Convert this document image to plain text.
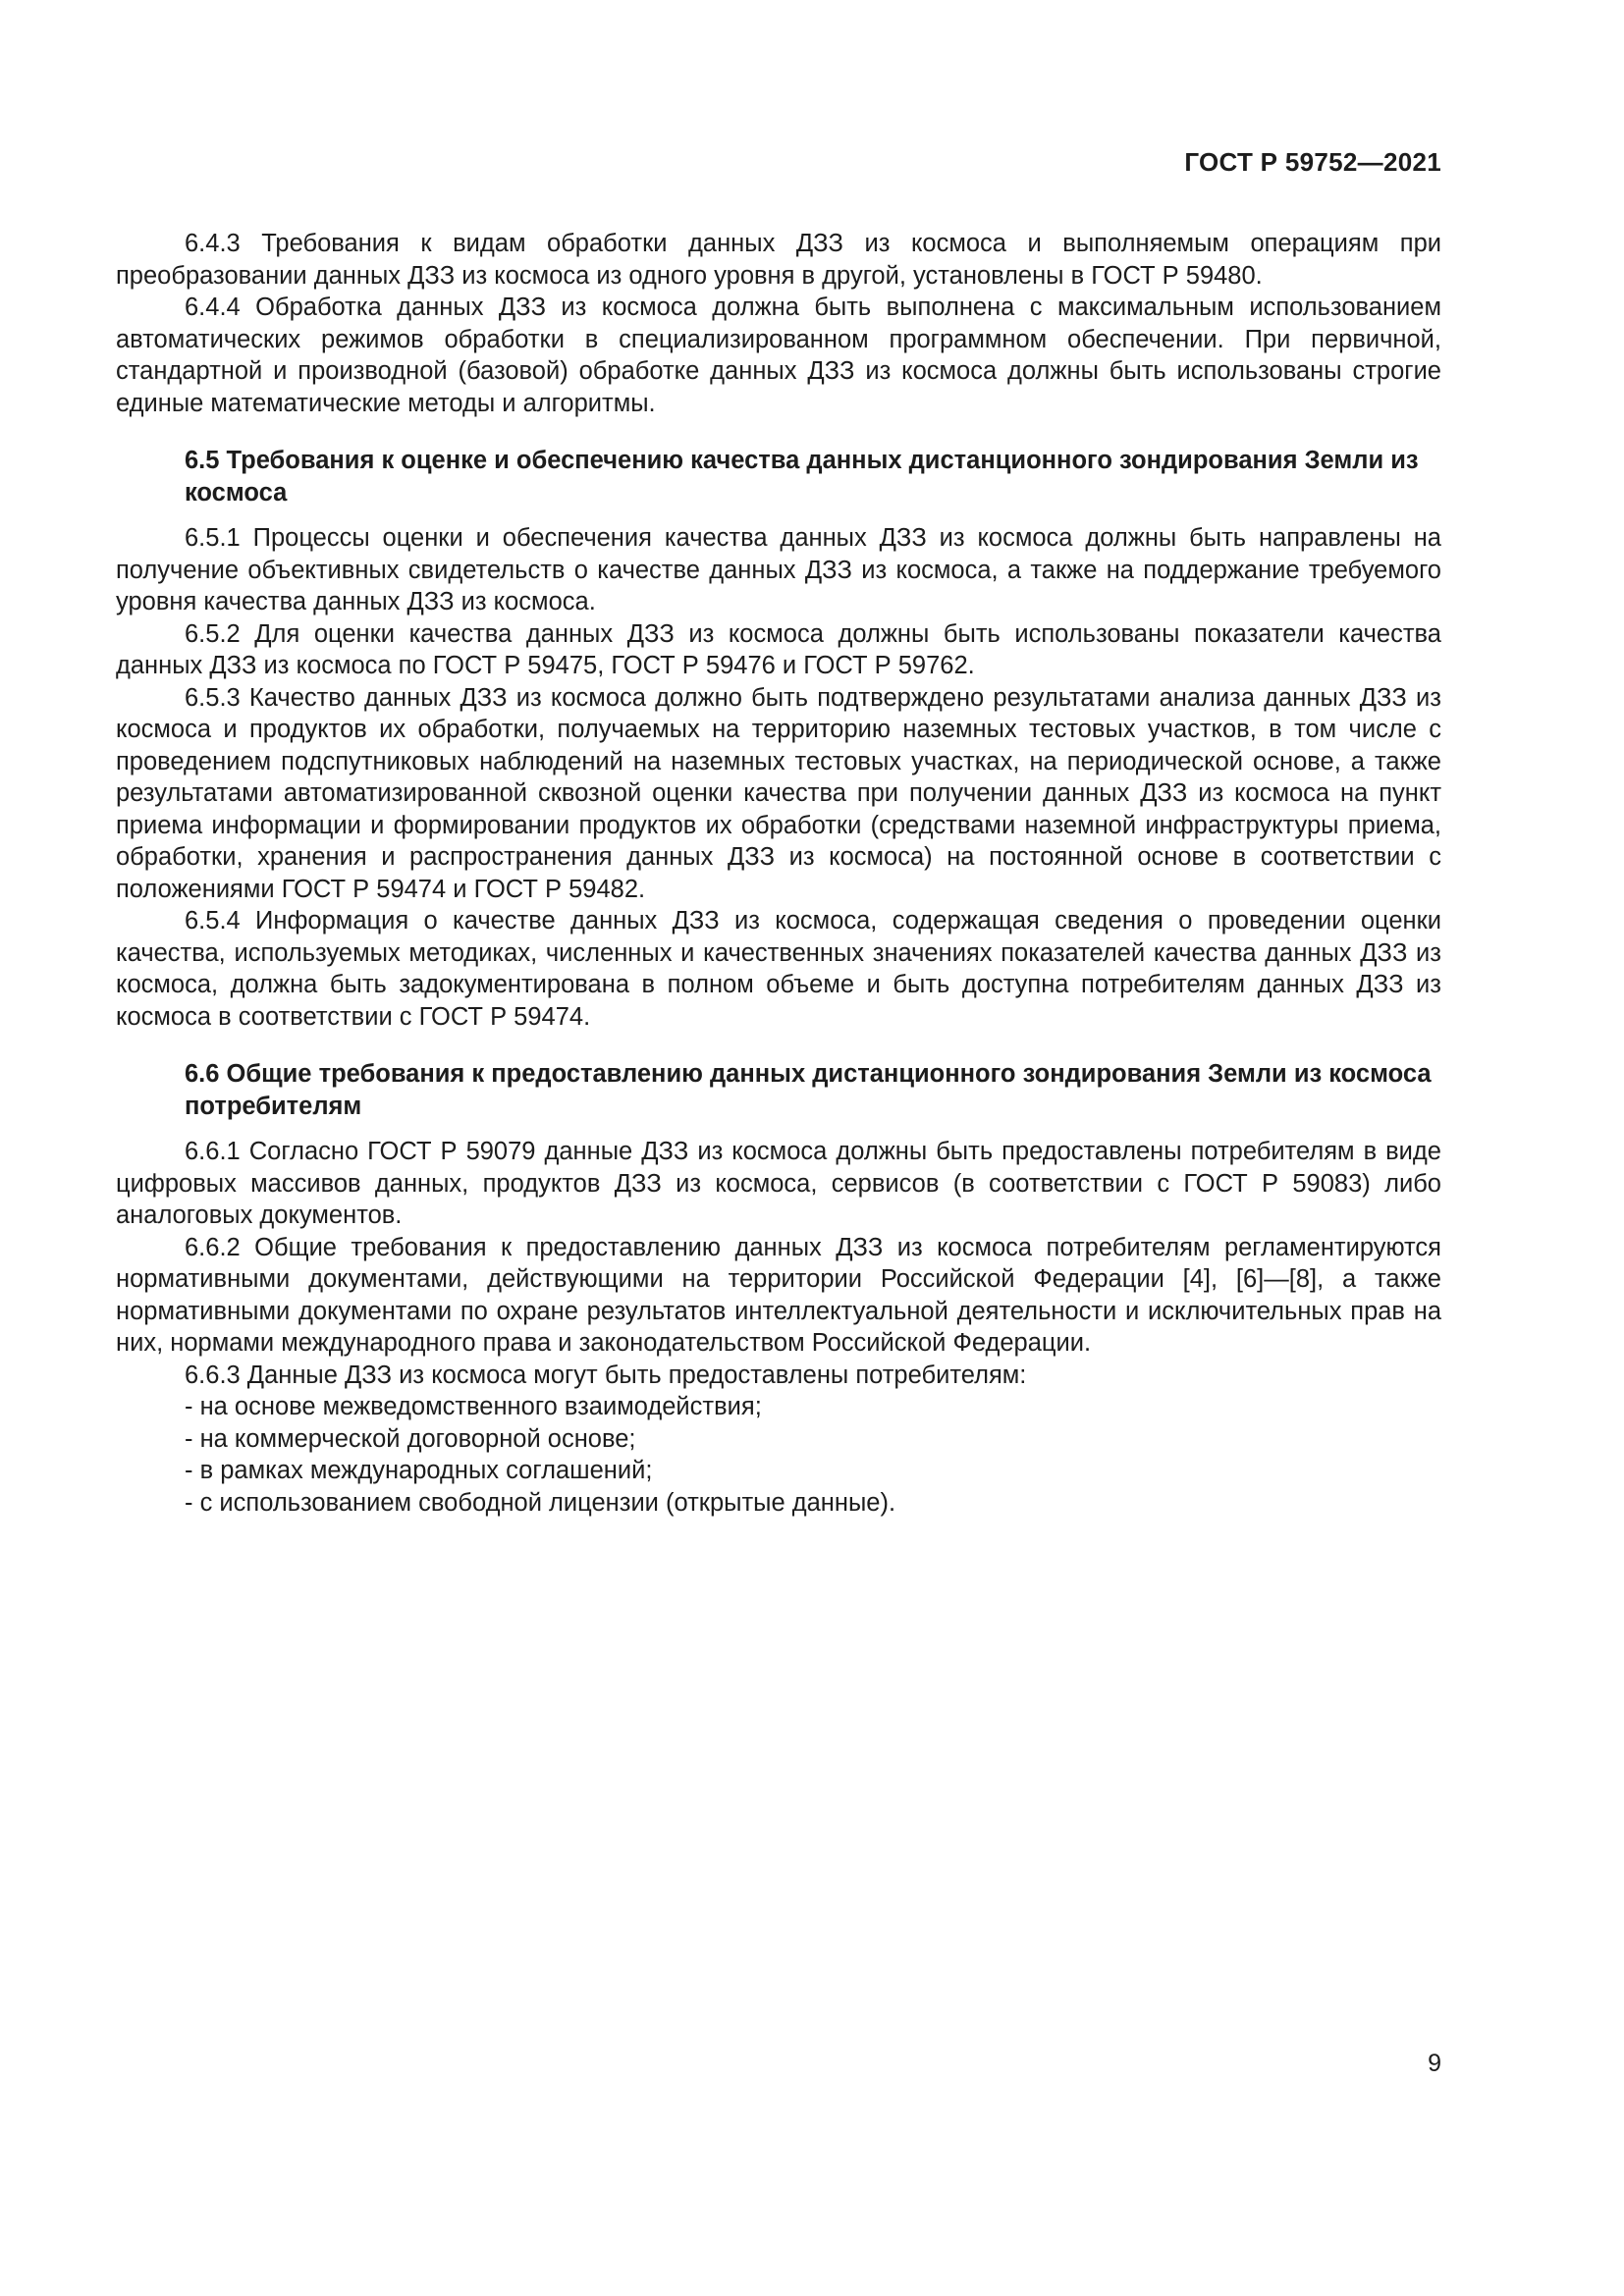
ГОСТ Р 59752—2021

6.4.3 Требования к видам обработки данных ДЗЗ из космоса и выполняемым операциям при преобразовании данных ДЗЗ из космоса из одного уровня в другой, установлены в ГОСТ Р 59480.

6.4.4 Обработка данных ДЗЗ из космоса должна быть выполнена с максимальным использованием автоматических режимов обработки в специализированном программном обеспечении. При первичной, стандартной и производной (базовой) обработке данных ДЗЗ из космоса должны быть использованы строгие единые математические методы и алгоритмы.

6.5 Требования к оценке и обеспечению качества данных дистанционного зондирования Земли из космоса

6.5.1 Процессы оценки и обеспечения качества данных ДЗЗ из космоса должны быть направлены на получение объективных свидетельств о качестве данных ДЗЗ из космоса, а также на поддержание требуемого уровня качества данных ДЗЗ из космоса.

6.5.2 Для оценки качества данных ДЗЗ из космоса должны быть использованы показатели качества данных ДЗЗ из космоса по ГОСТ Р 59475, ГОСТ Р 59476 и ГОСТ Р 59762.

6.5.3 Качество данных ДЗЗ из космоса должно быть подтверждено результатами анализа данных ДЗЗ из космоса и продуктов их обработки, получаемых на территорию наземных тестовых участков, в том числе с проведением подспутниковых наблюдений на наземных тестовых участках, на периодической основе, а также результатами автоматизированной сквозной оценки качества при получении данных ДЗЗ из космоса на пункт приема информации и формировании продуктов их обработки (средствами наземной инфраструктуры приема, обработки, хранения и распространения данных ДЗЗ из космоса) на постоянной основе в соответствии с положениями ГОСТ Р 59474 и ГОСТ Р 59482.

6.5.4 Информация о качестве данных ДЗЗ из космоса, содержащая сведения о проведении оценки качества, используемых методиках, численных и качественных значениях показателей качества данных ДЗЗ из космоса, должна быть задокументирована в полном объеме и быть доступна потребителям данных ДЗЗ из космоса в соответствии с ГОСТ Р 59474.

6.6 Общие требования к предоставлению данных дистанционного зондирования Земли из космоса потребителям

6.6.1 Согласно ГОСТ Р 59079 данные ДЗЗ из космоса должны быть предоставлены потребителям в виде цифровых массивов данных, продуктов ДЗЗ из космоса, сервисов (в соответствии с ГОСТ Р 59083) либо аналоговых документов.

6.6.2 Общие требования к предоставлению данных ДЗЗ из космоса потребителям регламентируются нормативными документами, действующими на территории Российской Федерации [4], [6]—[8], а также нормативными документами по охране результатов интеллектуальной деятельности и исключительных прав на них, нормами международного права и законодательством Российской Федерации.

6.6.3 Данные ДЗЗ из космоса могут быть предоставлены потребителям:

- на основе межведомственного взаимодействия;
- на коммерческой договорной основе;
- в рамках международных соглашений;
- с использованием свободной лицензии (открытые данные).
9
